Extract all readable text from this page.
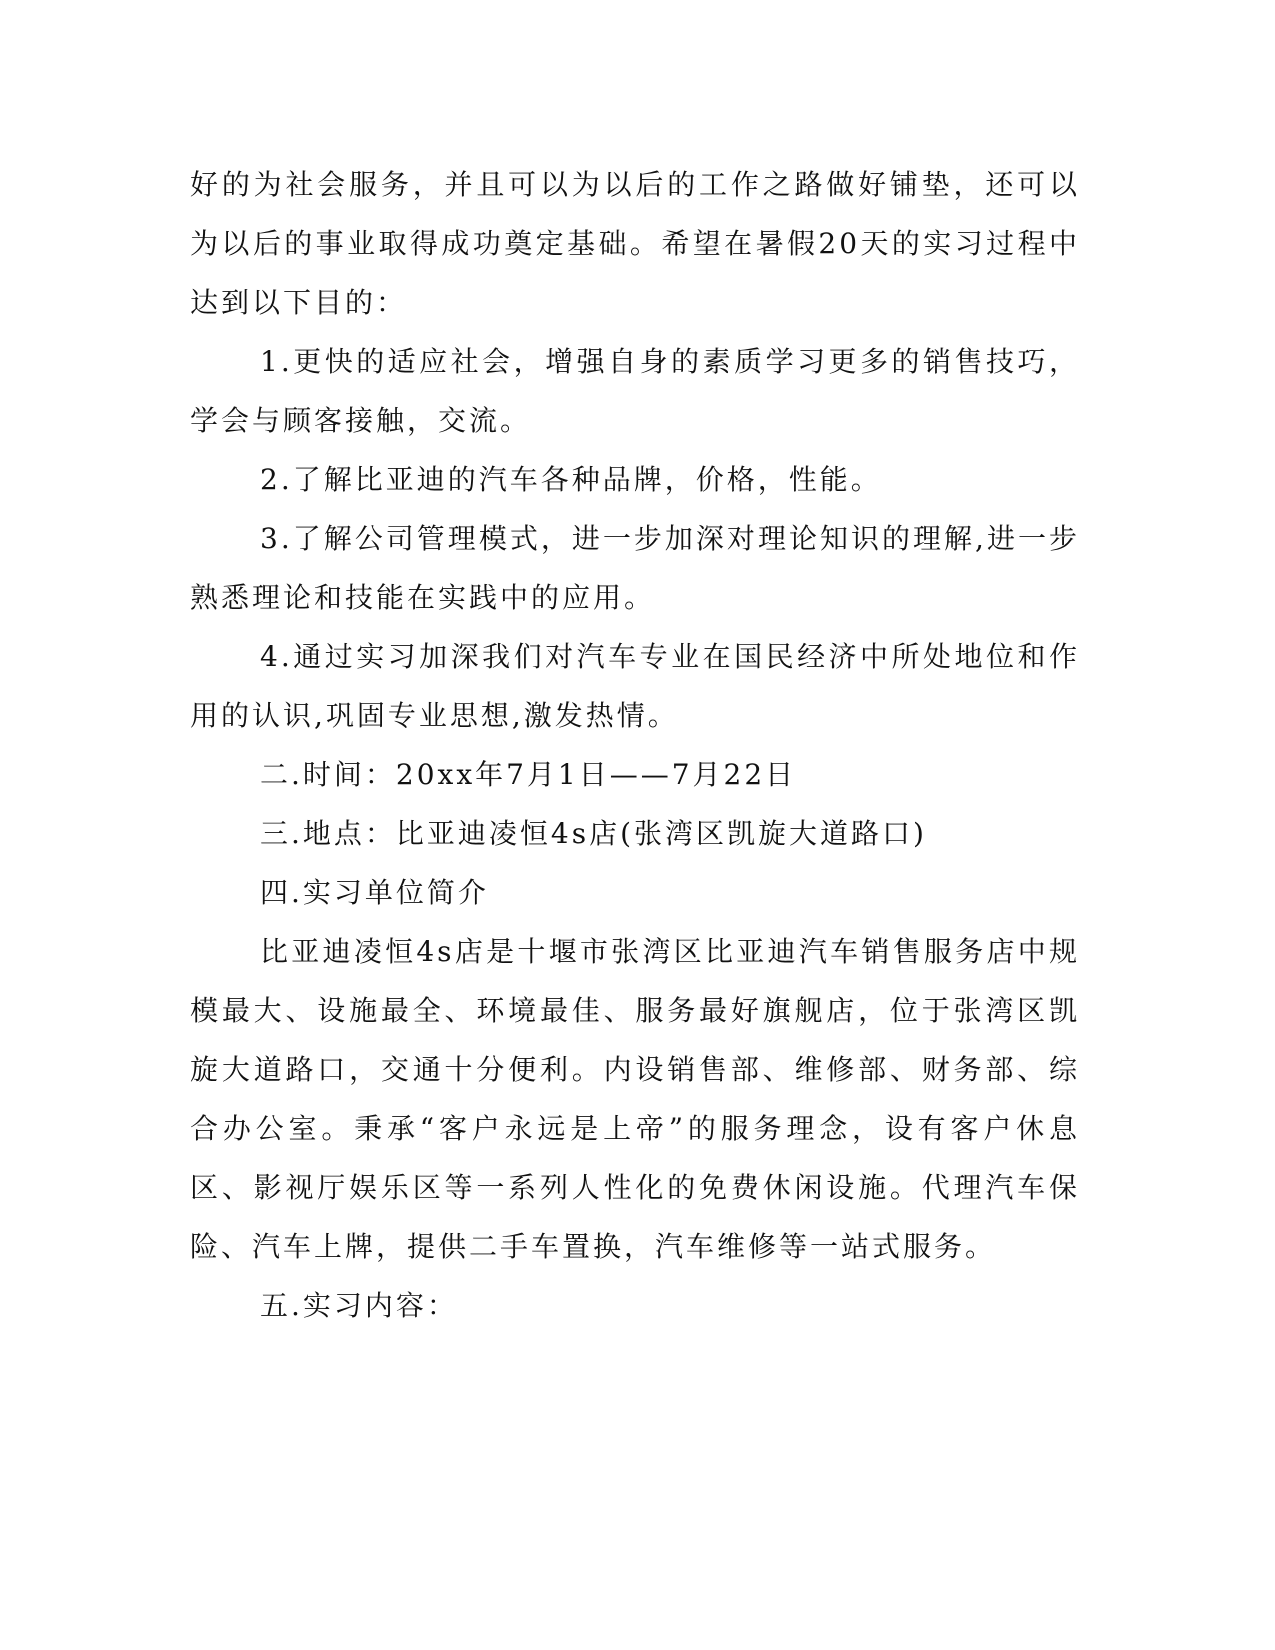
好的为社会服务，并且可以为以后的工作之路做好铺垫，还可以为以后的事业取得成功奠定基础。希望在暑假20天的实习过程中达到以下目的：

1.更快的适应社会，增强自身的素质学习更多的销售技巧，学会与顾客接触，交流。

2.了解比亚迪的汽车各种品牌，价格，性能。

3.了解公司管理模式，进一步加深对理论知识的理解,进一步熟悉理论和技能在实践中的应用。

4.通过实习加深我们对汽车专业在国民经济中所处地位和作用的认识,巩固专业思想,激发热情。

二.时间：20xx年7月1日——7月22日

三.地点：比亚迪凌恒4s店(张湾区凯旋大道路口)

四.实习单位简介

比亚迪凌恒4s店是十堰市张湾区比亚迪汽车销售服务店中规模最大、设施最全、环境最佳、服务最好旗舰店，位于张湾区凯旋大道路口，交通十分便利。内设销售部、维修部、财务部、综合办公室。秉承“客户永远是上帝”的服务理念，设有客户休息区、影视厅娱乐区等一系列人性化的免费休闲设施。代理汽车保险、汽车上牌，提供二手车置换，汽车维修等一站式服务。

五.实习内容：
